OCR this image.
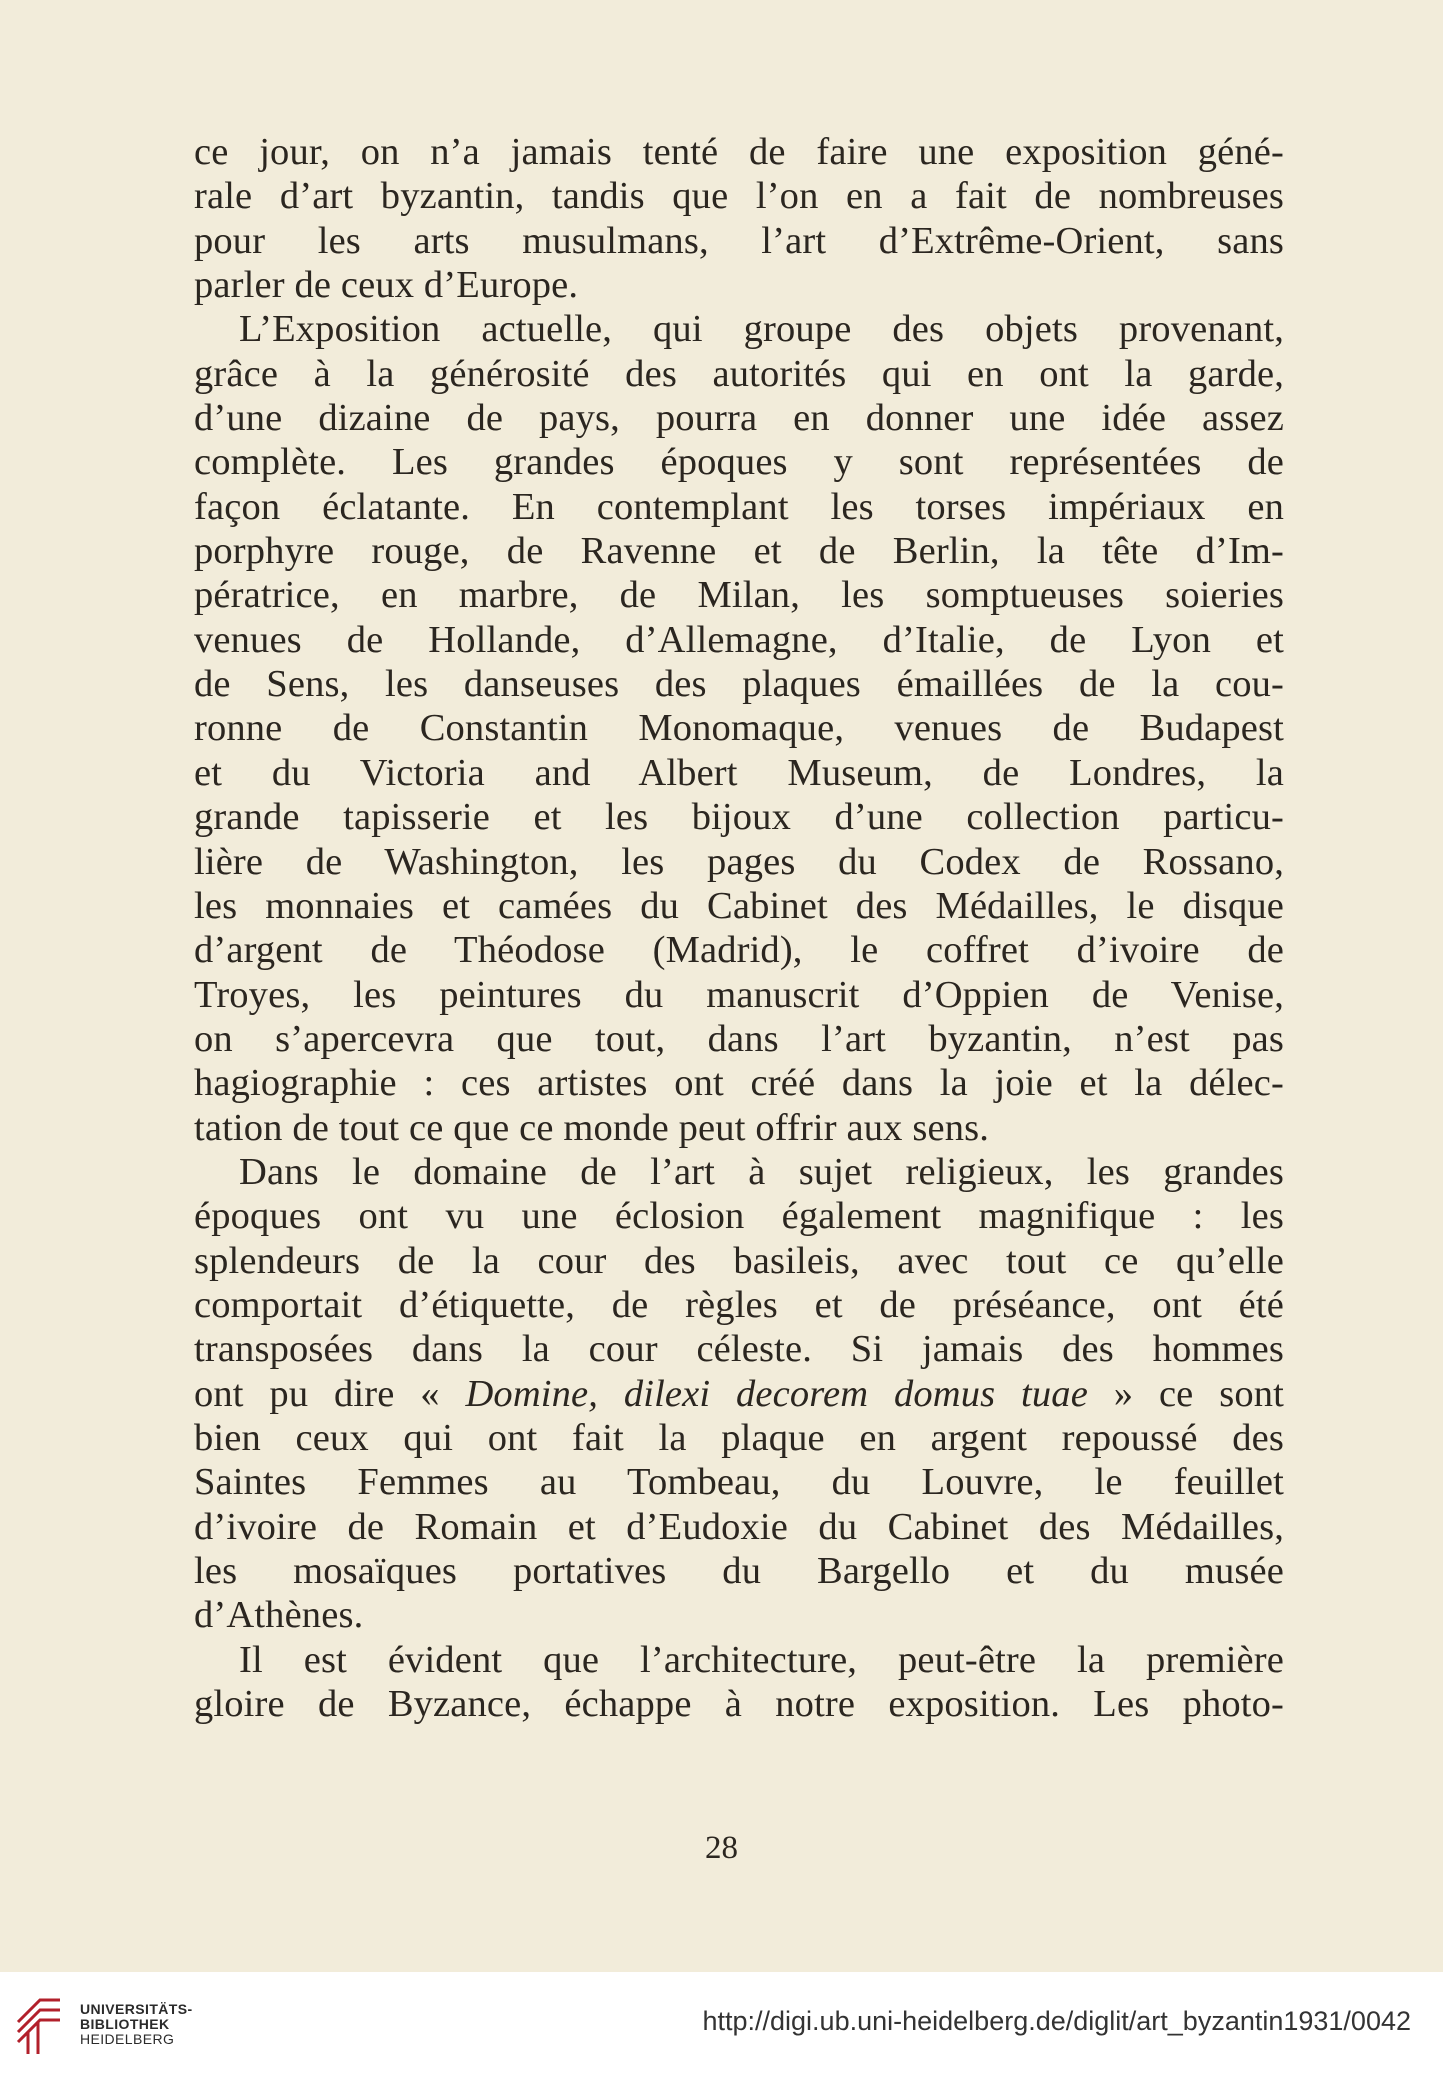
ce jour, on n’a jamais tenté de faire une exposition géné-
rale d’art byzantin, tandis que l’on en a fait de nombreuses
pour les arts musulmans, l’art d’Extrême-Orient, sans
parler de ceux d’Europe.
L’Exposition actuelle, qui groupe des objets provenant,
grâce à la générosité des autorités qui en ont la garde,
d’une dizaine de pays, pourra en donner une idée assez
complète. Les grandes époques y sont représentées de
façon éclatante. En contemplant les torses impériaux en
porphyre rouge, de Ravenne et de Berlin, la tête d’Im-
pératrice, en marbre, de Milan, les somptueuses soieries
venues de Hollande, d’Allemagne, d’Italie, de Lyon et
de Sens, les danseuses des plaques émaillées de la cou-
ronne de Constantin Monomaque, venues de Budapest
et du Victoria and Albert Museum, de Londres, la
grande tapisserie et les bijoux d’une collection particu-
lière de Washington, les pages du Codex de Rossano,
les monnaies et camées du Cabinet des Médailles, le disque
d’argent de Théodose (Madrid), le coffret d’ivoire de
Troyes, les peintures du manuscrit d’Oppien de Venise,
on s’apercevra que tout, dans l’art byzantin, n’est pas
hagiographie : ces artistes ont créé dans la joie et la délec-
tation de tout ce que ce monde peut offrir aux sens.
Dans le domaine de l’art à sujet religieux, les grandes
époques ont vu une éclosion également magnifique : les
splendeurs de la cour des basileis, avec tout ce qu’elle
comportait d’étiquette, de règles et de préséance, ont été
transposées dans la cour céleste. Si jamais des hommes
ont pu dire « Domine, dilexi decorem domus tuae » ce sont
bien ceux qui ont fait la plaque en argent repoussé des
Saintes Femmes au Tombeau, du Louvre, le feuillet
d’ivoire de Romain et d’Eudoxie du Cabinet des Médailles,
les mosaïques portatives du Bargello et du musée
d’Athènes.
Il est évident que l’architecture, peut-être la première
gloire de Byzance, échappe à notre exposition. Les photo-
28
UNIVERSITÄTS-
BIBLIOTHEK
HEIDELBERG
http://digi.ub.uni-heidelberg.de/diglit/art_byzantin1931/0042
